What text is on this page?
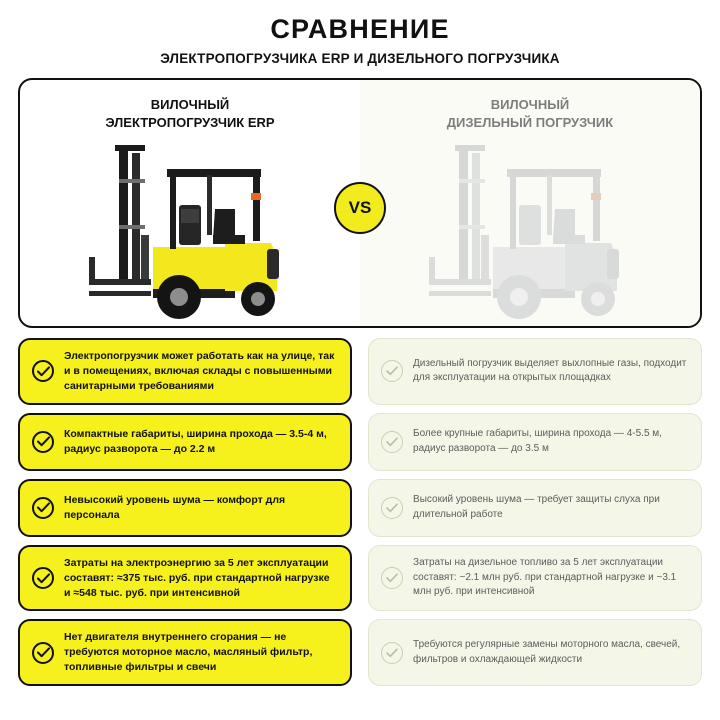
СРАВНЕНИЕ
ЭЛЕКТРОПОГРУЗЧИКА ERP И ДИЗЕЛЬНОГО ПОГРУЗЧИКА
ВИЛОЧНЫЙ
ЭЛЕКТРОПОГРУЗЧИК ERP
ВИЛОЧНЫЙ
ДИЗЕЛЬНЫЙ ПОГРУЗЧИК
VS
Электропогрузчик может работать как на улице, так и в помещениях, включая склады с повышенными санитарными требованиями
Дизельный погрузчик выделяет выхлопные газы, подходит для эксплуатации на открытых площадках
Компактные габариты, ширина прохода — 3.5-4 м, радиус разворота — до 2.2 м
Более крупные габариты, ширина прохода — 4-5.5 м, радиус разворота — до 3.5 м
Невысокий уровень шума — комфорт для персонала
Высокий уровень шума — требует защиты слуха при длительной работе
Затраты на электроэнергию за 5 лет эксплуатации составят: ≈375 тыс. руб. при стандартной нагрузке и ≈548 тыс. руб. при интенсивной
Затраты на дизельное топливо за 5 лет эксплуатации составят: ~2.1 млн руб. при стандартной нагрузке и ~3.1 млн руб. при интенсивной
Нет двигателя внутреннего сгорания — не требуются моторное масло, масляный фильтр, топливные фильтры и свечи
Требуются регулярные замены моторного масла, свечей, фильтров и охлаждающей жидкости
